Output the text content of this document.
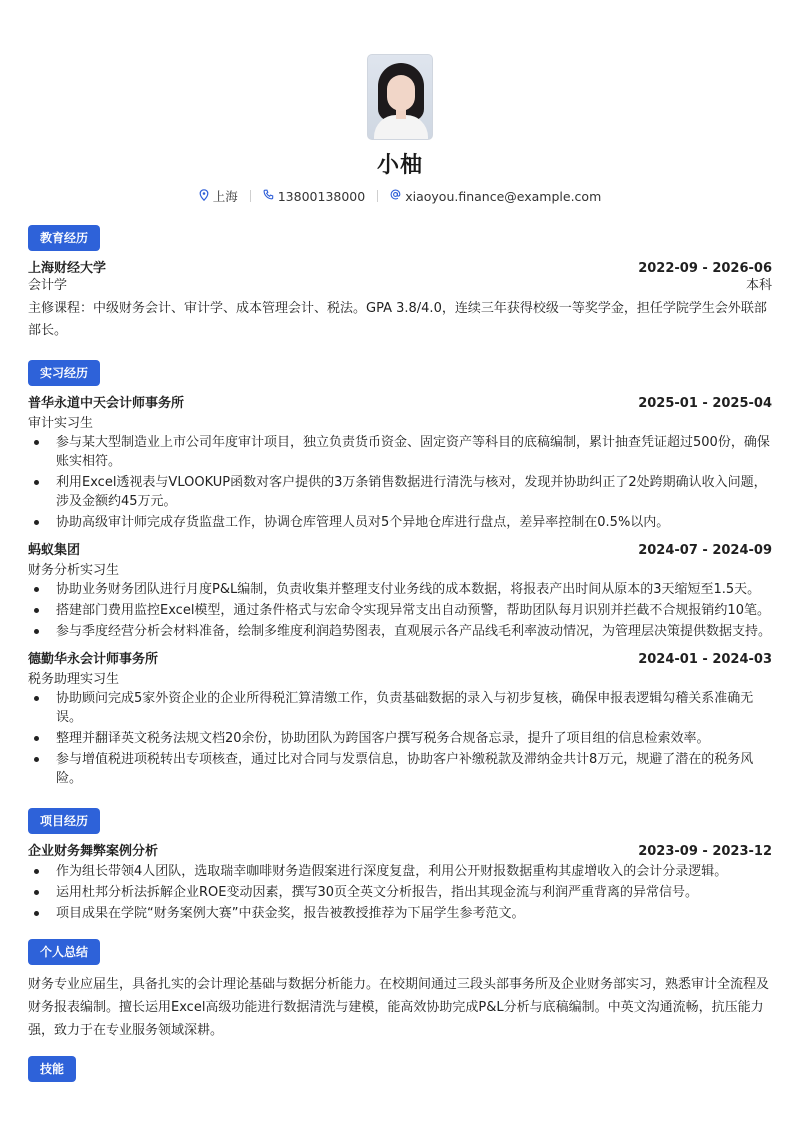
小柚
上海	13800138000	xiaoyou.finance@example.com
教育经历
上海财经大学	2022-09 - 2026-06
会计学	本科
主修课程：中级财务会计、审计学、成本管理会计、税法。GPA 3.8/4.0，连续三年获得校级一等奖学金，担任学院学生会外联部部长。
实习经历
普华永道中天会计师事务所	2025-01 - 2025-04
审计实习生
参与某大型制造业上市公司年度审计项目，独立负责货币资金、固定资产等科目的底稿编制，累计抽查凭证超过500份，确保账实相符。
利用Excel透视表与VLOOKUP函数对客户提供的3万条销售数据进行清洗与核对，发现并协助纠正了2处跨期确认收入问题，涉及金额约45万元。
协助高级审计师完成存货监盘工作，协调仓库管理人员对5个异地仓库进行盘点，差异率控制在0.5%以内。
蚂蚁集团	2024-07 - 2024-09
财务分析实习生
协助业务财务团队进行月度P&L编制，负责收集并整理支付业务线的成本数据，将报表产出时间从原本的3天缩短至1.5天。
搭建部门费用监控Excel模型，通过条件格式与宏命令实现异常支出自动预警，帮助团队每月识别并拦截不合规报销约10笔。
参与季度经营分析会材料准备，绘制多维度利润趋势图表，直观展示各产品线毛利率波动情况，为管理层决策提供数据支持。
德勤华永会计师事务所	2024-01 - 2024-03
税务助理实习生
协助顾问完成5家外资企业的企业所得税汇算清缴工作，负责基础数据的录入与初步复核，确保申报表逻辑勾稽关系准确无误。
整理并翻译英文税务法规文档20余份，协助团队为跨国客户撰写税务合规备忘录，提升了项目组的信息检索效率。
参与增值税进项税转出专项核查，通过比对合同与发票信息，协助客户补缴税款及滞纳金共计8万元，规避了潜在的税务风险。
项目经历
企业财务舞弊案例分析	2023-09 - 2023-12
作为组长带领4人团队，选取瑞幸咖啡财务造假案进行深度复盘，利用公开财报数据重构其虚增收入的会计分录逻辑。
运用杜邦分析法拆解企业ROE变动因素，撰写30页全英文分析报告，指出其现金流与利润严重背离的异常信号。
项目成果在学院“财务案例大赛”中获金奖，报告被教授推荐为下届学生参考范文。
个人总结
财务专业应届生，具备扎实的会计理论基础与数据分析能力。在校期间通过三段头部事务所及企业财务部实习，熟悉审计全流程及财务报表编制。擅长运用Excel高级功能进行数据清洗与建模，能高效协助完成P&L分析与底稿编制。中英文沟通流畅，抗压能力强，致力于在专业服务领域深耕。
技能
